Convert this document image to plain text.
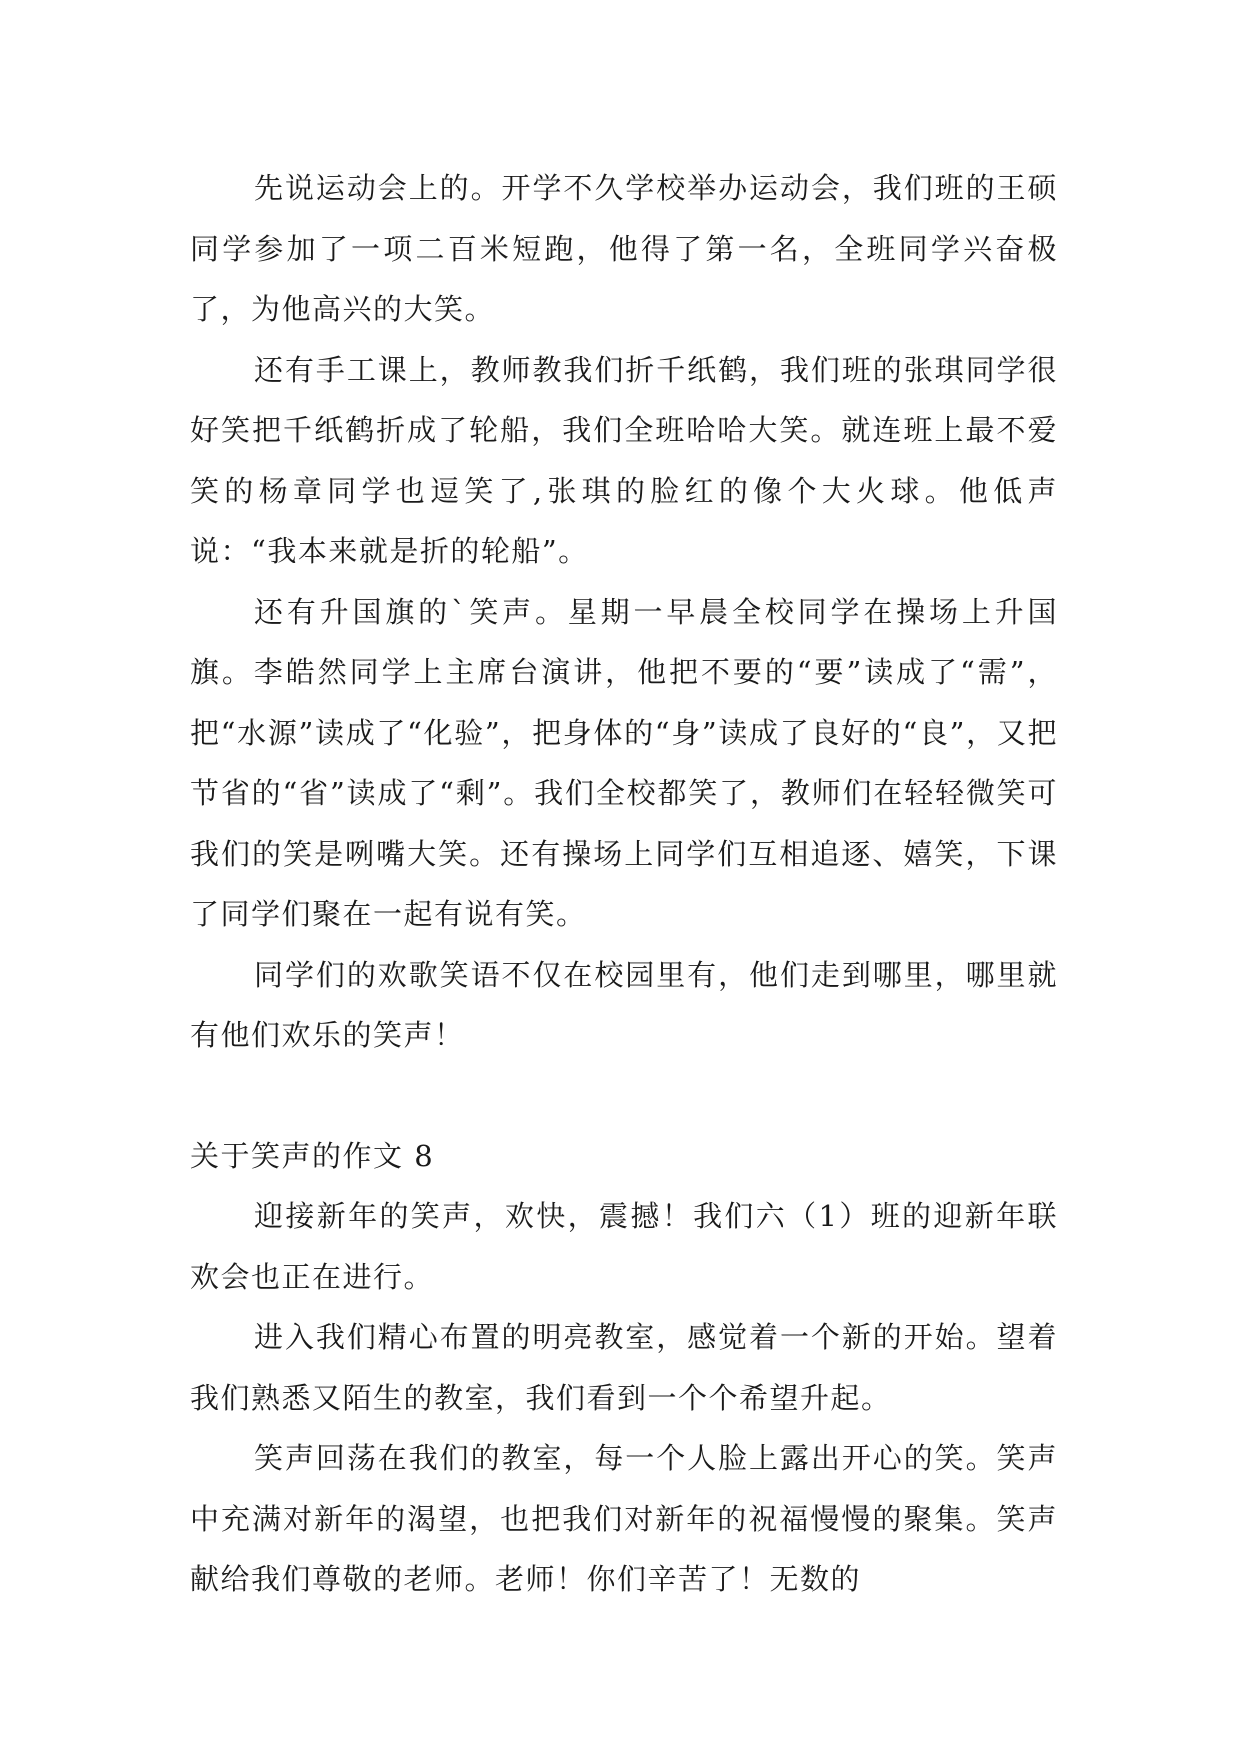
先说运动会上的。开学不久学校举办运动会，我们班的王硕同学参加了一项二百米短跑，他得了第一名，全班同学兴奋极了，为他高兴的大笑。

还有手工课上，教师教我们折千纸鹤，我们班的张琪同学很好笑把千纸鹤折成了轮船，我们全班哈哈大笑。就连班上最不爱笑的杨章同学也逗笑了,张琪的脸红的像个大火球。他低声说：“我本来就是折的轮船”。

还有升国旗的`笑声。星期一早晨全校同学在操场上升国旗。李皓然同学上主席台演讲，他把不要的“要”读成了“需”，把“水源”读成了“化验”，把身体的“身”读成了良好的“良”，又把节省的“省”读成了“剩”。我们全校都笑了，教师们在轻轻微笑可我们的笑是咧嘴大笑。还有操场上同学们互相追逐、嬉笑，下课了同学们聚在一起有说有笑。

同学们的欢歌笑语不仅在校园里有，他们走到哪里，哪里就有他们欢乐的笑声！

关于笑声的作文 8

迎接新年的笑声，欢快，震撼！我们六（1）班的迎新年联欢会也正在进行。

进入我们精心布置的明亮教室，感觉着一个新的开始。望着我们熟悉又陌生的教室，我们看到一个个希望升起。

笑声回荡在我们的教室，每一个人脸上露出开心的笑。笑声中充满对新年的渴望，也把我们对新年的祝福慢慢的聚集。笑声献给我们尊敬的老师。老师！你们辛苦了！无数的
